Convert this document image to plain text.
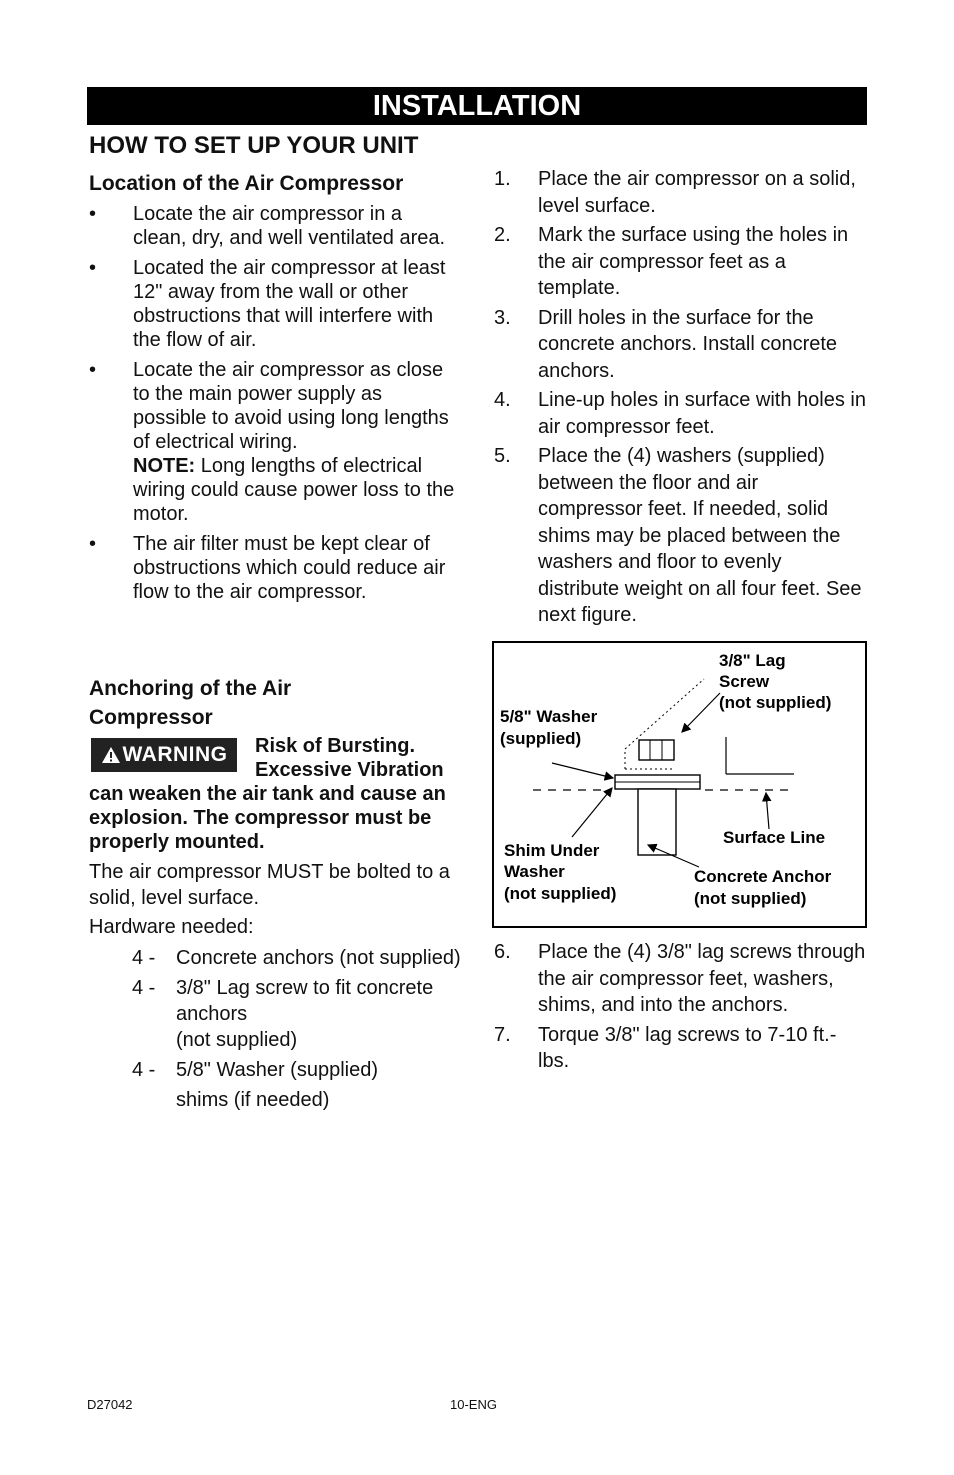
INSTALLATION
HOW TO SET UP YOUR UNIT
Location of the Air Compressor
• Locate the air compressor in a clean, dry, and well ventilated area.
• Located the air compressor at least 12" away from the wall or other obstructions that will interfere with the flow of air.
• Locate the air compressor as close to the main power supply as possible to avoid using long lengths of electrical wiring.
NOTE: Long lengths of electrical wiring could cause power loss to the motor.
• The air filter must be kept clear of obstructions which could reduce air flow to the air compressor.
Anchoring of the Air
Compressor
WARNING	Risk of Bursting. Excessive Vibration can weaken the air tank and cause an explosion. The compressor must be properly mounted.
The air compressor MUST be bolted to a solid, level surface.
Hardware needed:
4 - Concrete anchors (not supplied)
4 - 3/8" Lag screw to fit concrete anchors
(not supplied)
4 - 5/8" Washer (supplied)
shims (if needed)
1. Place the air compressor on a solid, level surface.
2. Mark the surface using the holes in the air compressor feet as a template.
3. Drill holes in the surface for the concrete anchors. Install concrete anchors.
4. Line-up holes in surface with holes in air compressor feet.
5. Place the (4) washers (supplied) between the floor and air compressor feet. If needed, solid shims may be placed between the washers and floor to evenly distribute weight on all four feet. See next figure.
3/8" Lag
Screw
(not supplied)
5/8" Washer
(supplied)
Surface Line
Shim Under
Washer
(not supplied)
Concrete Anchor
(not supplied)
6. Place the (4) 3/8" lag screws through the air compressor feet, washers, shims, and into the anchors.
7. Torque 3/8" lag screws to 7-10 ft.-lbs.
D27042	10-ENG
